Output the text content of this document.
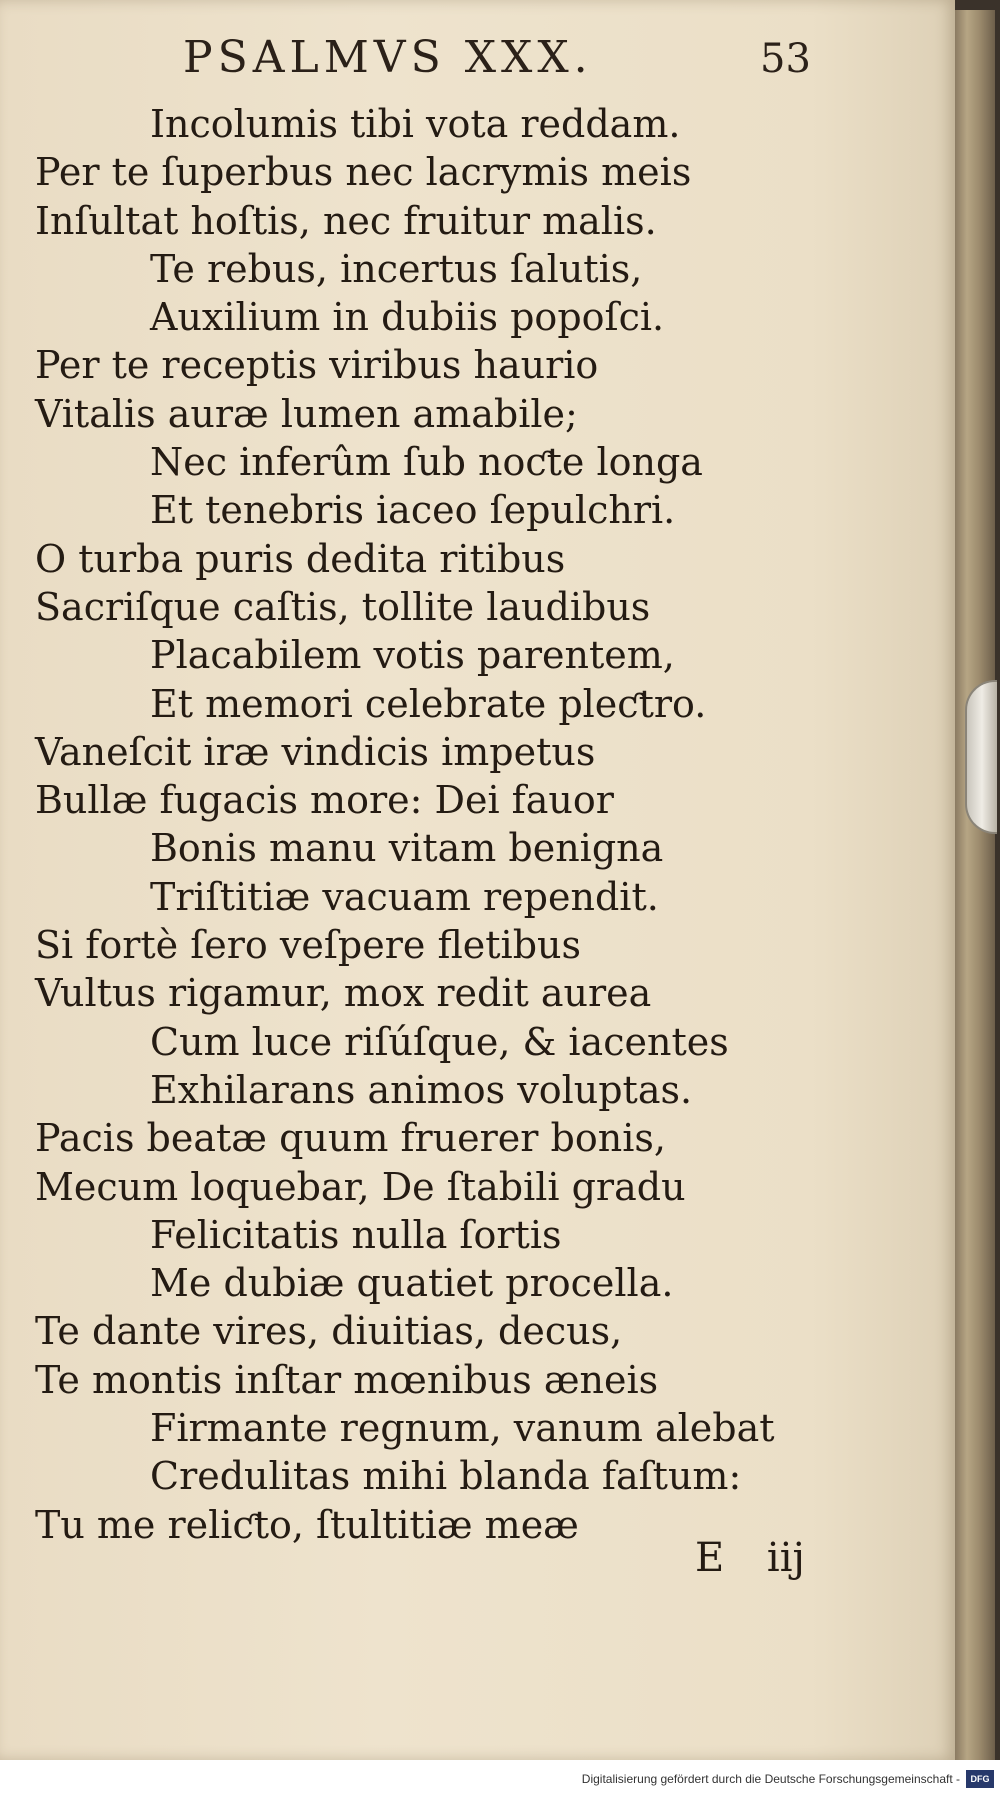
PSALMVS XXX.	53
Incolumis tibi vota reddam.
Per te ſuperbus nec lacrymis meis
Inſultat hoſtis, nec fruitur malis.
Te rebus, incertus ſalutis,
Auxilium in dubiis popoſci.
Per te receptis viribus haurio
Vitalis auræ lumen amabile;
Nec inferûm ſub noƈte longa
Et tenebris iaceo ſepulchri.
O turba puris dedita ritibus
Sacriſque caſtis, tollite laudibus
Placabilem votis parentem,
Et memori celebrate pleƈtro.
Vaneſcit iræ vindicis impetus
Bullæ fugacis more: Dei fauor
Bonis manu vitam benigna
Triſtitiæ vacuam rependit.
Si fortè ſero veſpere fletibus
Vultus rigamur, mox redit aurea
Cum luce riſúſque, & iacentes
Exhilarans animos voluptas.
Pacis beatæ quum fruerer bonis,
Mecum loquebar, De ſtabili gradu
Felicitatis nulla ſortis
Me dubiæ quatiet procella.
Te dante vires, diuitias, decus,
Te montis inſtar mœnibus æneis
Firmante regnum, vanum alebat
Credulitas mihi blanda faſtum:
Tu me reliƈto, ſtultitiæ meæ
E iij
Digitalisierung gefördert durch die Deutsche Forschungsgemeinschaft -	DFG
